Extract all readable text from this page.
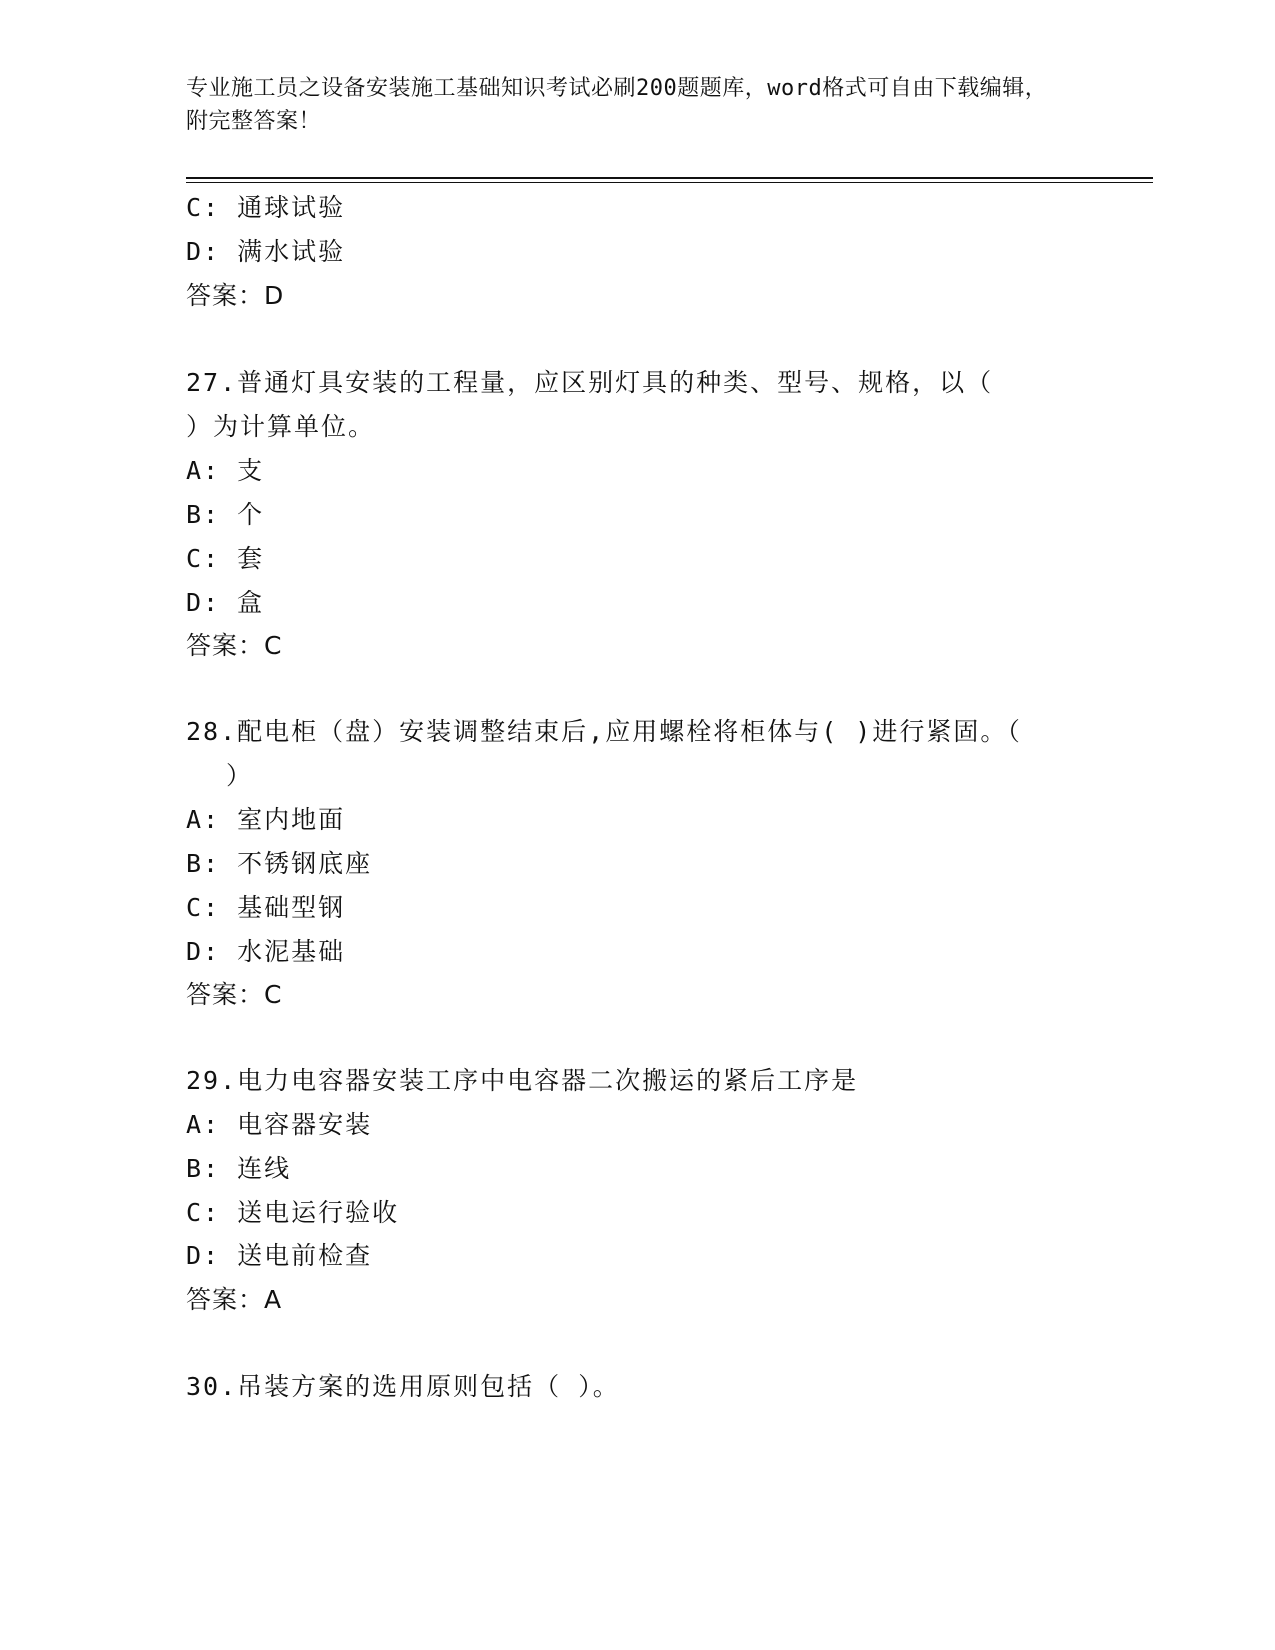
专业施工员之设备安装施工基础知识考试必刷200题题库，word格式可自由下载编辑，附完整答案！
C: 通球试验
D: 满水试验
答案：D
27.普通灯具安装的工程量，应区别灯具的种类、型号、规格，以（
）为计算单位。
A: 支
B: 个
C: 套
D: 盒
答案：C
28.配电柜（盘）安装调整结束后,应用螺栓将柜体与( )进行紧固。（
）
A: 室内地面
B: 不锈钢底座
C: 基础型钢
D: 水泥基础
答案：C
29.电力电容器安装工序中电容器二次搬运的紧后工序是
A: 电容器安装
B: 连线
C: 送电运行验收
D: 送电前检查
答案：A
30.吊装方案的选用原则包括（ ）。
